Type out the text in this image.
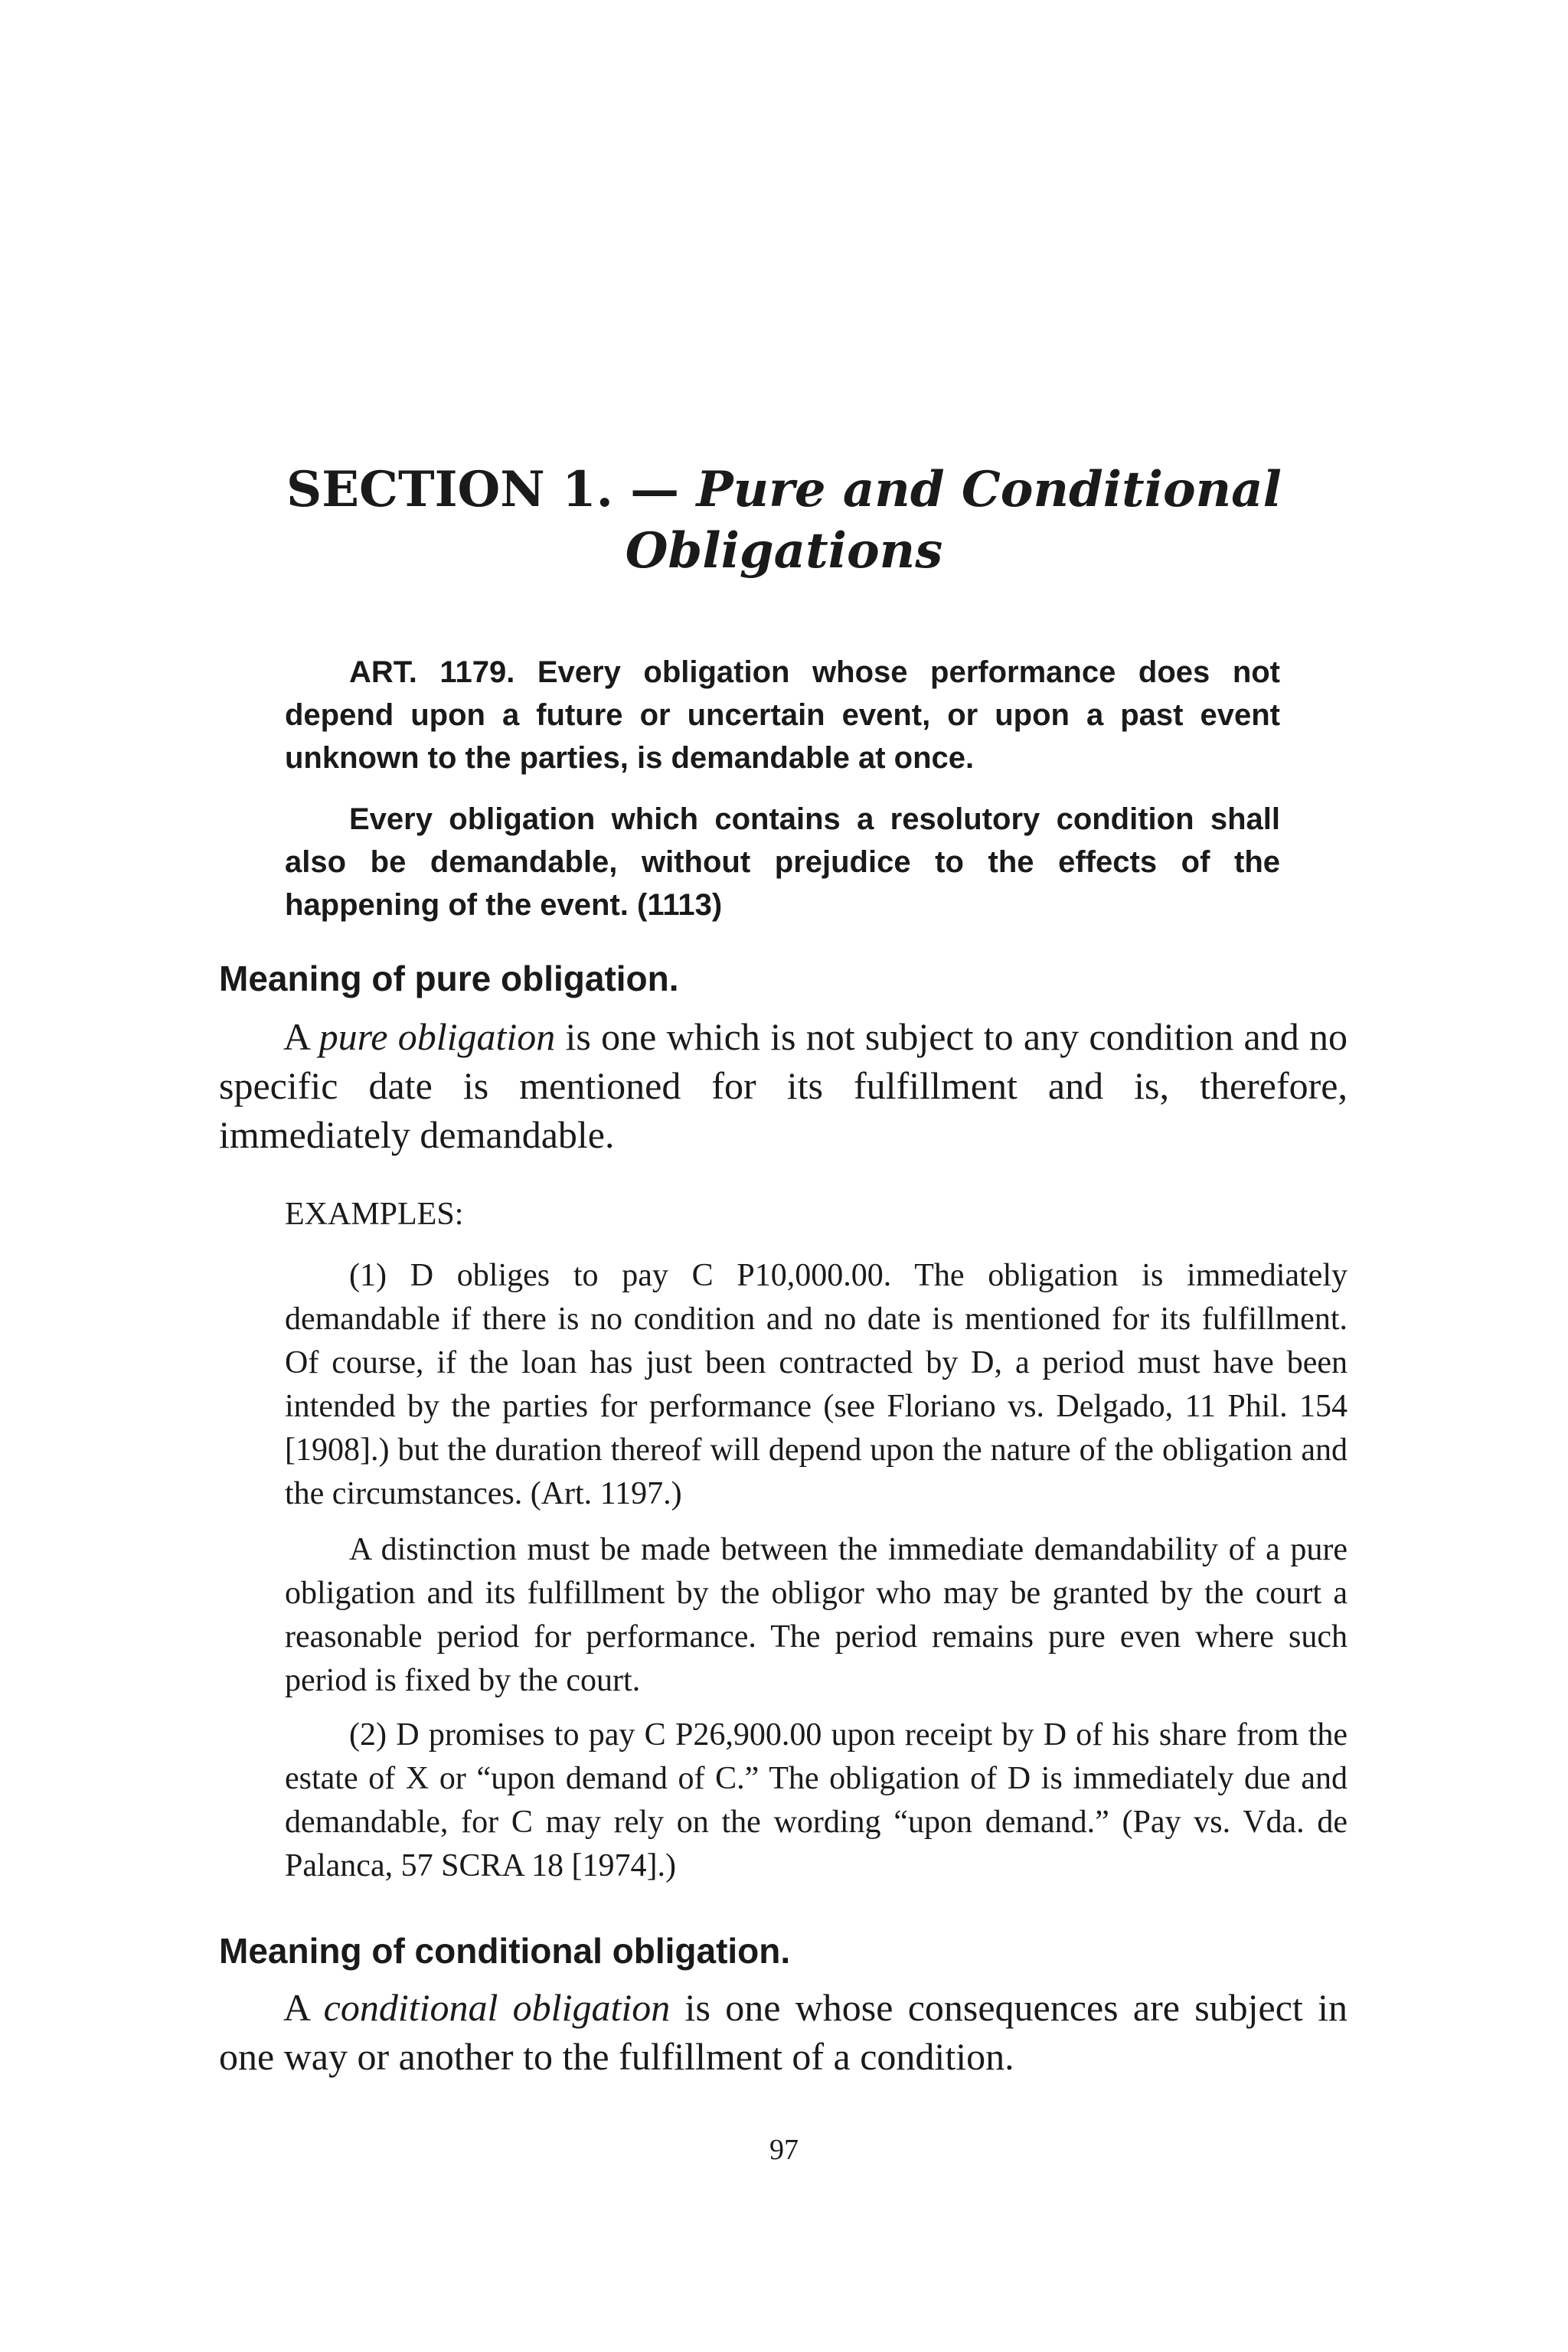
SECTION 1. — Pure and Conditional
Obligations

ART. 1179. Every obligation whose performance does not depend upon a future or uncertain event, or upon a past event unknown to the parties, is demandable at once.

Every obligation which contains a resolutory condition shall also be demandable, without prejudice to the effects of the happening of the event. (1113)

Meaning of pure obligation.

A pure obligation is one which is not subject to any condition and no specific date is mentioned for its fulfillment and is, therefore, immediately demandable.

EXAMPLES:

(1) D obliges to pay C P10,000.00. The obligation is immediately demandable if there is no condition and no date is mentioned for its fulfillment. Of course, if the loan has just been contracted by D, a period must have been intended by the parties for performance (see Floriano vs. Delgado, 11 Phil. 154 [1908].) but the duration thereof will depend upon the nature of the obligation and the circumstances. (Art. 1197.)

A distinction must be made between the immediate demandability of a pure obligation and its fulfillment by the obligor who may be granted by the court a reasonable period for performance. The period remains pure even where such period is fixed by the court.

(2) D promises to pay C P26,900.00 upon receipt by D of his share from the estate of X or “upon demand of C.” The obligation of D is immediately due and demandable, for C may rely on the wording “upon demand.” (Pay vs. Vda. de Palanca, 57 SCRA 18 [1974].)

Meaning of conditional obligation.

A conditional obligation is one whose consequences are subject in one way or another to the fulfillment of a condition.

97
